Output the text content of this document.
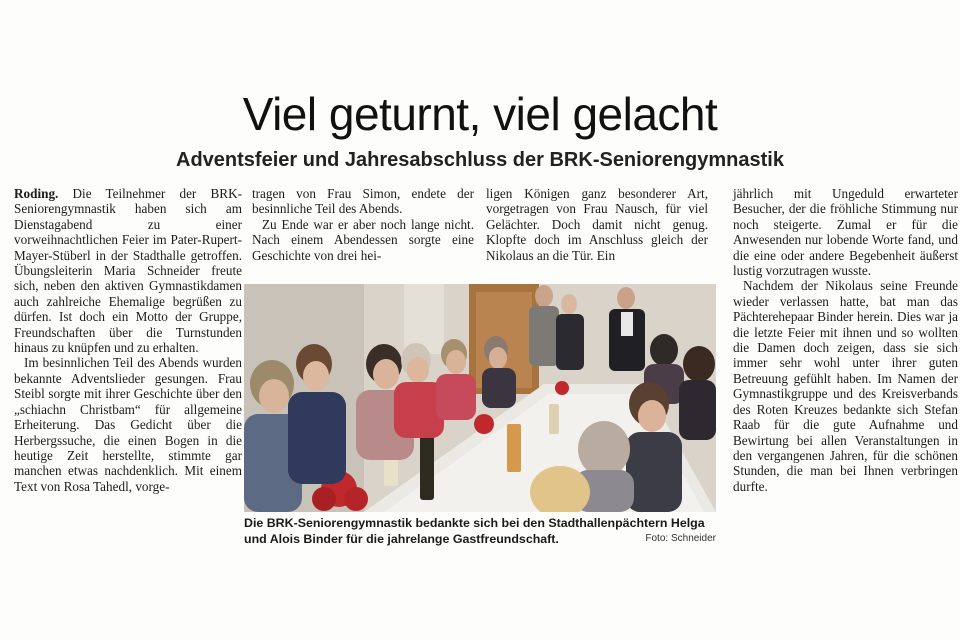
Viel geturnt, viel gelacht
Adventsfeier und Jahresabschluss der BRK-Seniorengymnastik

Roding. Die Teilnehmer der BRK-Seniorengymnastik haben sich am Dienstagabend zu einer vorweihnachtlichen Feier im Pater-Rupert-Mayer-Stüberl in der Stadthalle getroffen. Übungsleiterin Maria Schneider freute sich, neben den aktiven Gymnastikdamen auch zahlreiche Ehemalige begrüßen zu dürfen. Ist doch ein Motto der Gruppe, Freundschaften über die Turnstunden hinaus zu knüpfen und zu erhalten.

Im besinnlichen Teil des Abends wurden bekannte Adventslieder gesungen. Frau Steibl sorgte mit ihrer Geschichte über den „schiachn Christbam“ für allgemeine Erheiterung. Das Gedicht über die Herbergssuche, die einen Bogen in die heutige Zeit herstellte, stimmte gar manchen etwas nachdenklich. Mit einem Text von Rosa Tahedl, vorge-

tragen von Frau Simon, endete der besinnliche Teil des Abends.

Zu Ende war er aber noch lange nicht. Nach einem Abendessen sorgte eine Geschichte von drei hei-

ligen Königen ganz besonderer Art, vorgetragen von Frau Nausch, für viel Gelächter. Doch damit nicht genug. Klopfte doch im Anschluss gleich der Nikolaus an die Tür. Ein

jährlich mit Ungeduld erwarteter Besucher, der die fröhliche Stimmung nur noch steigerte. Zumal er für die Anwesenden nur lobende Worte fand, und die eine oder andere Begebenheit äußerst lustig vorzutragen wusste.

Nachdem der Nikolaus seine Freunde wieder verlassen hatte, bat man das Pächterehepaar Binder herein. Dies war ja die letzte Feier mit ihnen und so wollten die Damen doch zeigen, dass sie sich immer sehr wohl unter ihrer guten Betreuung gefühlt haben. Im Namen der Gymnastikgruppe und des Kreisverbands des Roten Kreuzes bedankte sich Stefan Raab für die gute Aufnahme und Bewirtung bei allen Veranstaltungen in den vergangenen Jahren, für die schönen Stunden, die man bei Ihnen verbringen durfte.

Die BRK-Seniorengymnastik bedankte sich bei den Stadthallenpächtern Helga und Alois Binder für die jahrelange Gastfreundschaft.	Foto: Schneider
